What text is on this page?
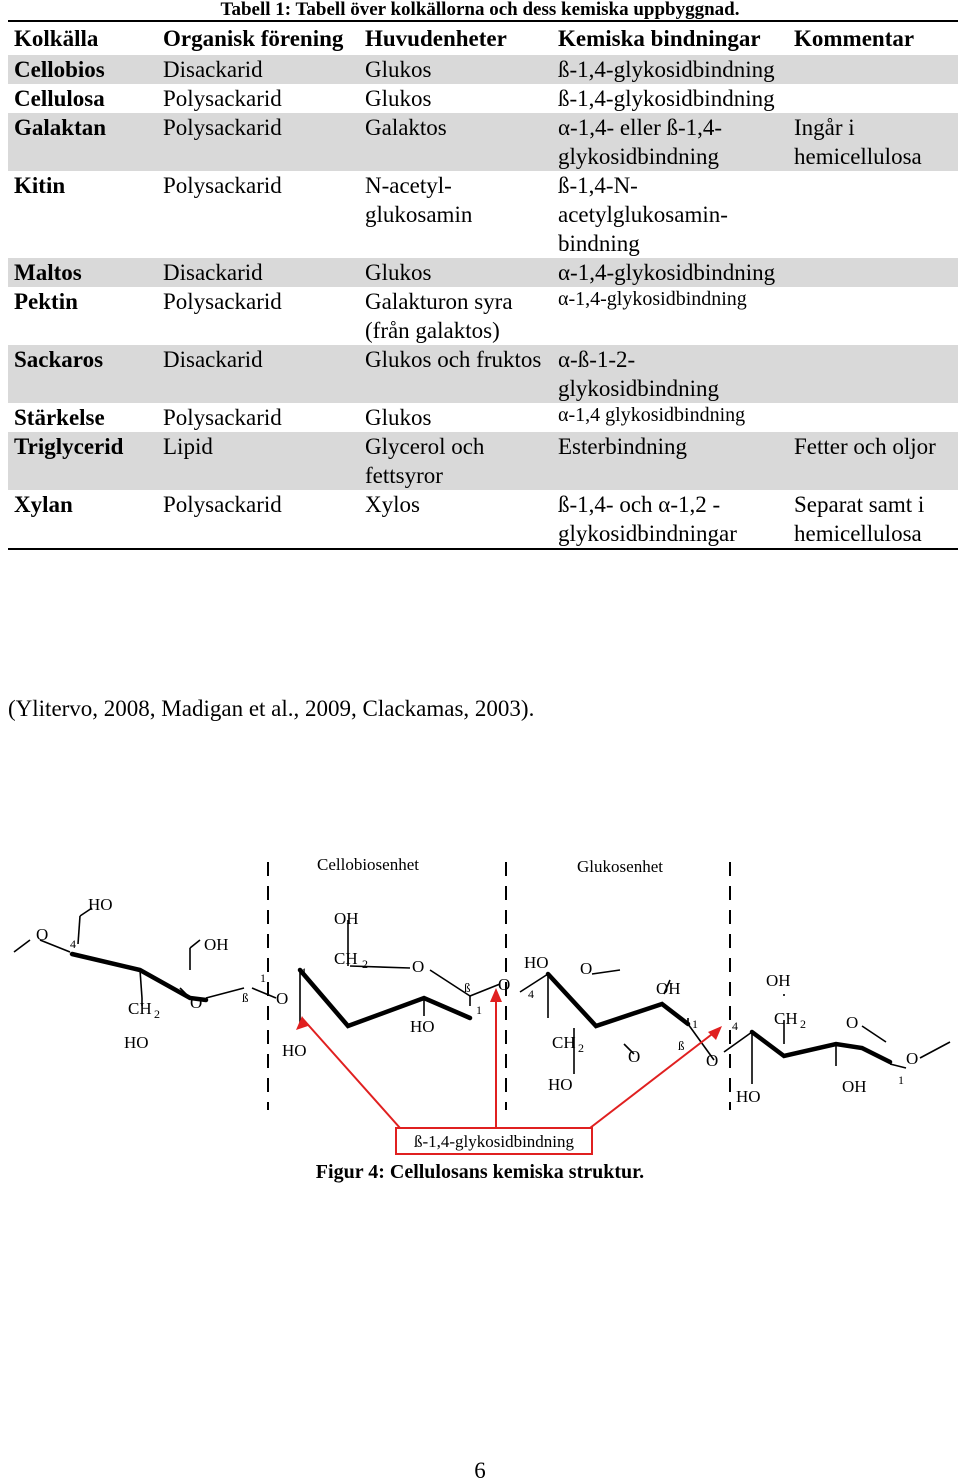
Tabell 1: Tabell över kolkällorna och dess kemiska uppbyggnad.
Kolkälla	Organisk förening	Huvudenheter	Kemiska bindningar	Kommentar
Cellobios	Disackarid	Glukos	ß-1,4-glykosidbindning	
Cellulosa	Polysackarid	Glukos	ß-1,4-glykosidbindning	
Galaktan	Polysackarid	Galaktos	α-1,4- eller ß-1,4-glykosidbindning	Ingår i hemicellulosa
Kitin	Polysackarid	N-acetyl-glukosamin	ß-1,4-N-acetylglukosamin-bindning	
Maltos	Disackarid	Glukos	α-1,4-glykosidbindning	
Pektin	Polysackarid	Galakturon syra (från galaktos)	α-1,4-glykosidbindning	
Sackaros	Disackarid	Glukos och fruktos	α-ß-1-2-glykosidbindning	
Stärkelse	Polysackarid	Glukos	α-1,4 glykosidbindning	
Triglycerid	Lipid	Glycerol och fettsyror	Esterbindning	Fetter och oljor
Xylan	Polysackarid	Xylos	ß-1,4- och α-1,2 -glykosidbindningar	Separat samt i hemicellulosa
(Ylitervo, 2008, Madigan et al., 2009, Clackamas, 2003).
Cellobiosenhet	Glukosenhet
ß-1,4-glykosidbindning
HO
OH
O 4
CH 2
HO
O	ß
1
O
4
OH
CH 2	O
ß
HO
HO
1
O
HO
4
O
OH
CH 2
HO
O
ß
1
O
4
OH
CH 2 O
HO
OH	1
O
Figur 4: Cellulosans kemiska struktur.
6
